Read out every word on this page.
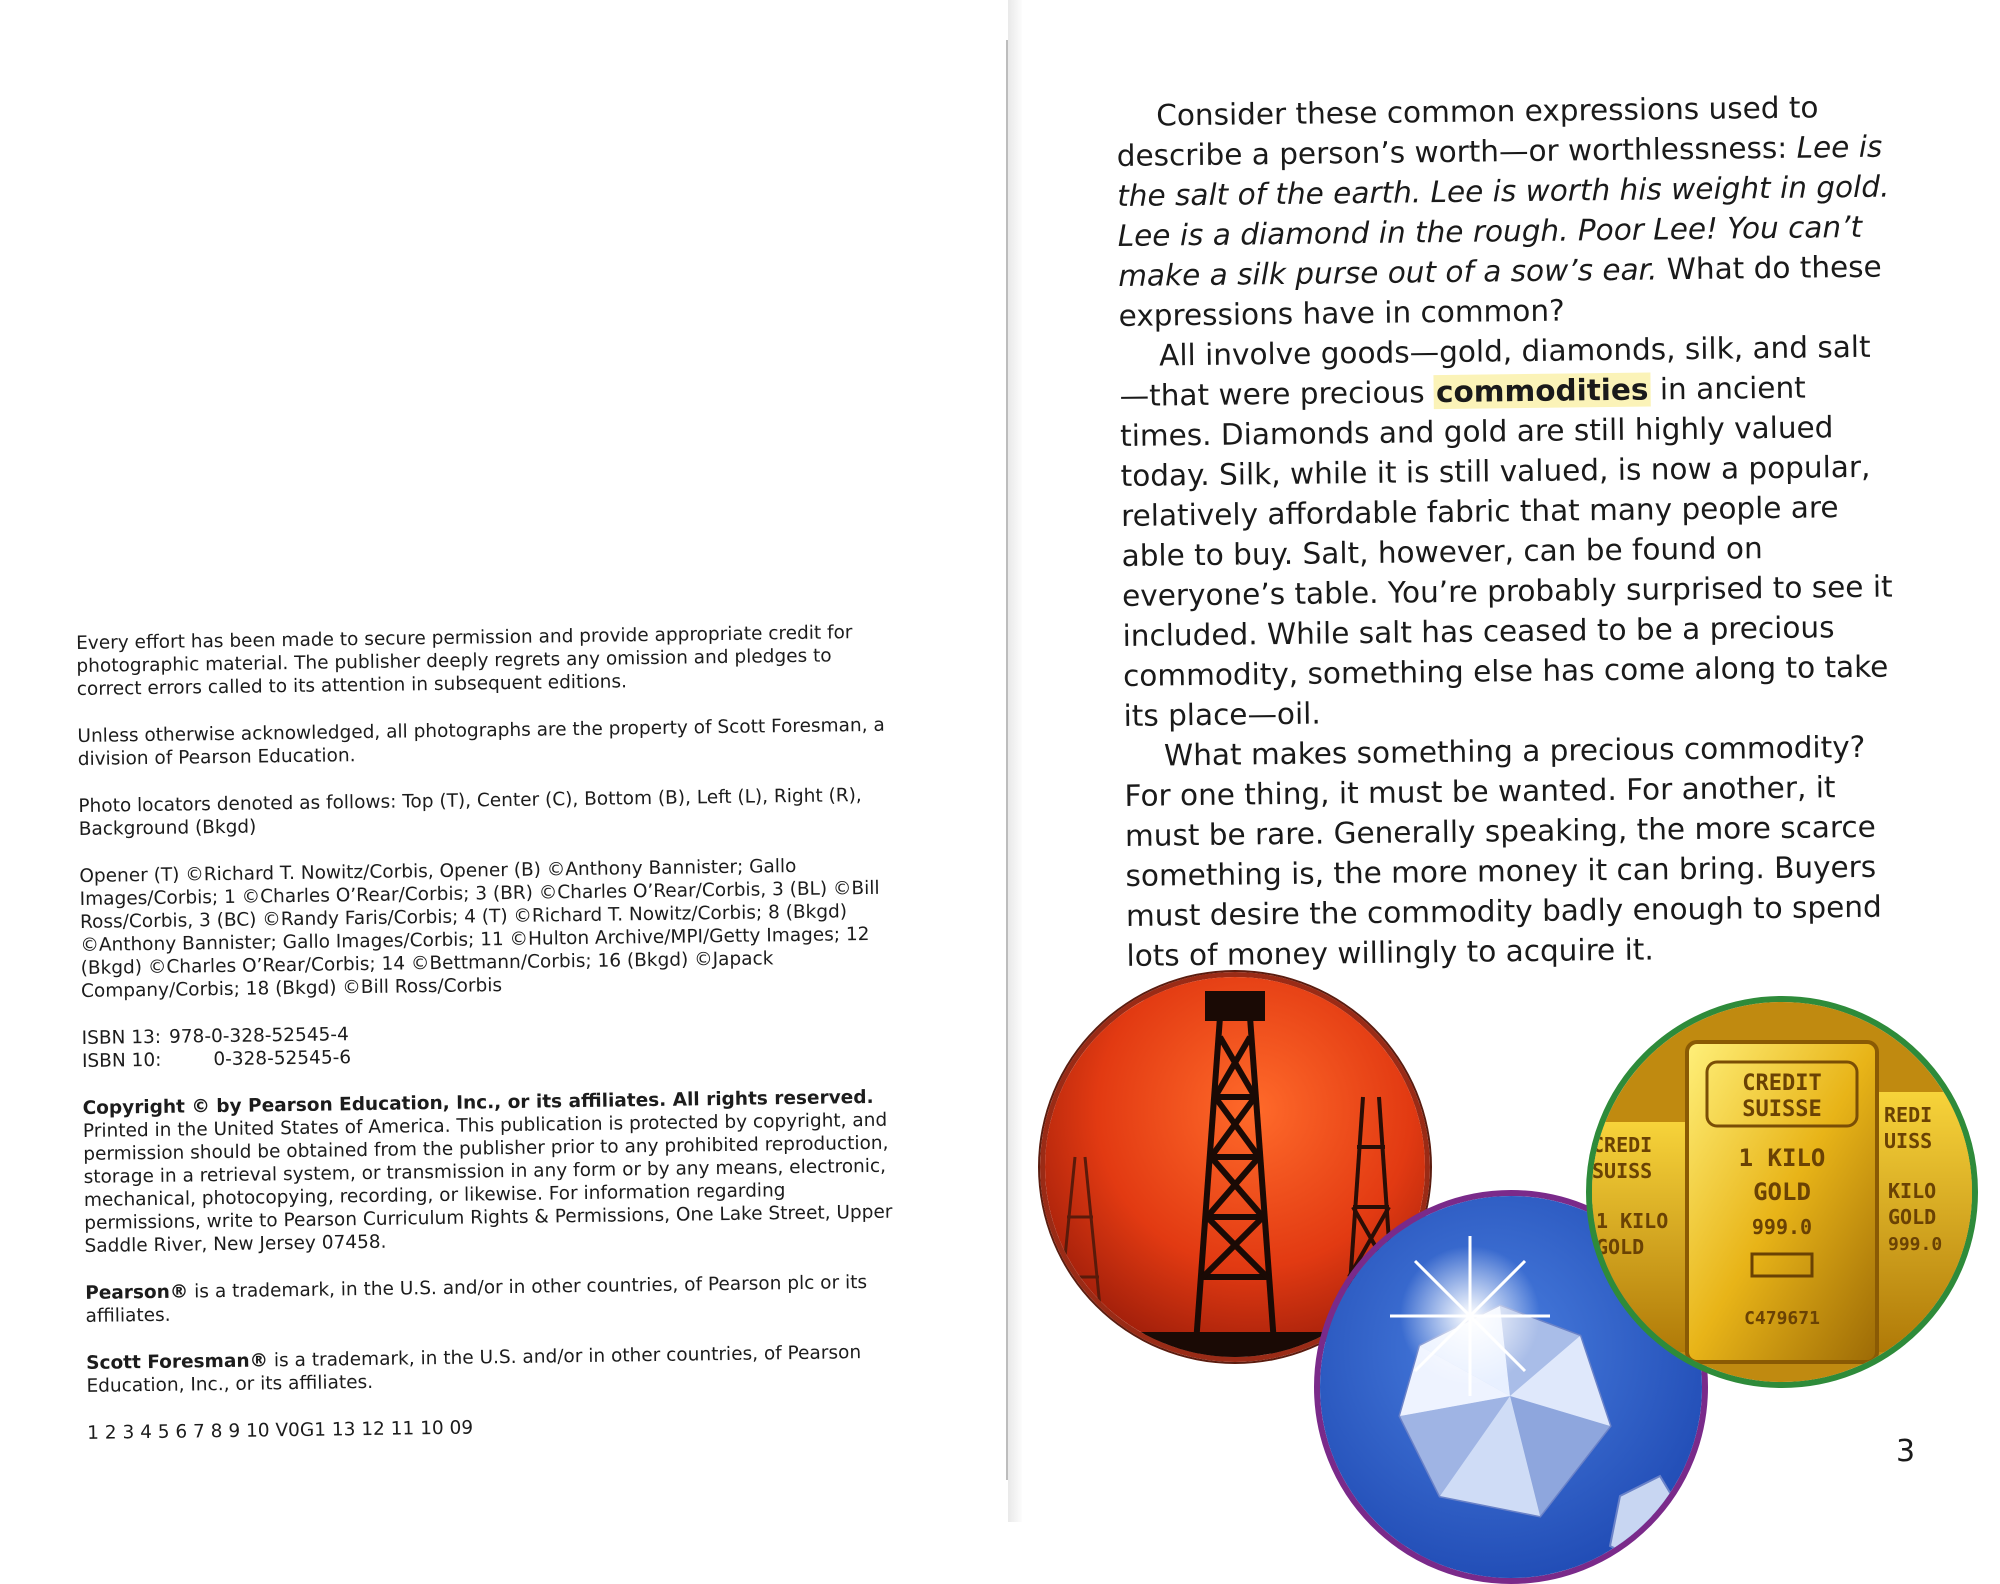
Every effort has been made to secure permission and provide appropriate credit for photographic material. The publisher deeply regrets any omission and pledges to correct errors called to its attention in subsequent editions.

Unless otherwise acknowledged, all photographs are the property of Scott Foresman, a division of Pearson Education.

Photo locators denoted as follows: Top (T), Center (C), Bottom (B), Left (L), Right (R), Background (Bkgd)

Opener (T) ©Richard T. Nowitz/Corbis, Opener (B) ©Anthony Bannister; Gallo Images/Corbis; 1 ©Charles O’Rear/Corbis; 3 (BR) ©Charles O’Rear/Corbis, 3 (BL) ©Bill Ross/Corbis, 3 (BC) ©Randy Faris/Corbis; 4 (T) ©Richard T. Nowitz/Corbis; 8 (Bkgd) ©Anthony Bannister; Gallo Images/Corbis; 11 ©Hulton Archive/MPI/Getty Images; 12 (Bkgd) ©Charles O’Rear/Corbis; 14 ©Bettmann/Corbis; 16 (Bkgd) ©Japack Company/Corbis; 18 (Bkgd) ©Bill Ross/Corbis

ISBN 13: 978-0-328-52545-4

ISBN 10:	0-328-52545-6

Copyright © by Pearson Education, Inc., or its affiliates. All rights reserved.
Printed in the United States of America. This publication is protected by copyright, and permission should be obtained from the publisher prior to any prohibited reproduction, storage in a retrieval system, or transmission in any form or by any means, electronic, mechanical, photocopying, recording, or likewise. For information regarding permissions, write to Pearson Curriculum Rights & Permissions, One Lake Street, Upper Saddle River, New Jersey 07458.

Pearson® is a trademark, in the U.S. and/or in other countries, of Pearson plc or its affiliates.

Scott Foresman® is a trademark, in the U.S. and/or in other countries, of Pearson Education, Inc., or its affiliates.

1 2 3 4 5 6 7 8 9 10 V0G1 13 12 11 10 09

Consider these common expressions used to describe a person’s worth—or worthlessness: Lee is the salt of the earth. Lee is worth his weight in gold. Lee is a diamond in the rough. Poor Lee! You can’t make a silk purse out of a sow’s ear. What do these expressions have in common?

All involve goods—gold, diamonds, silk, and salt—that were precious commodities in ancient times. Diamonds and gold are still highly valued today. Silk, while it is still valued, is now a popular, relatively affordable fabric that many people are able to buy. Salt, however, can be found on everyone’s table. You’re probably surprised to see it included. While salt has ceased to be a precious commodity, something else has come along to take its place—oil.

What makes something a precious commodity? For one thing, it must be wanted. For another, it must be rare. Generally speaking, the more scarce something is, the more money it can bring. Buyers must desire the commodity badly enough to spend lots of money willingly to acquire it.

CREDIT
SUISSE
1 KILO
GOLD
999.0
C479671
CREDI
SUISS
1 KILO
GOLD
REDI
UISS
KILO
GOLD
999.0
3
